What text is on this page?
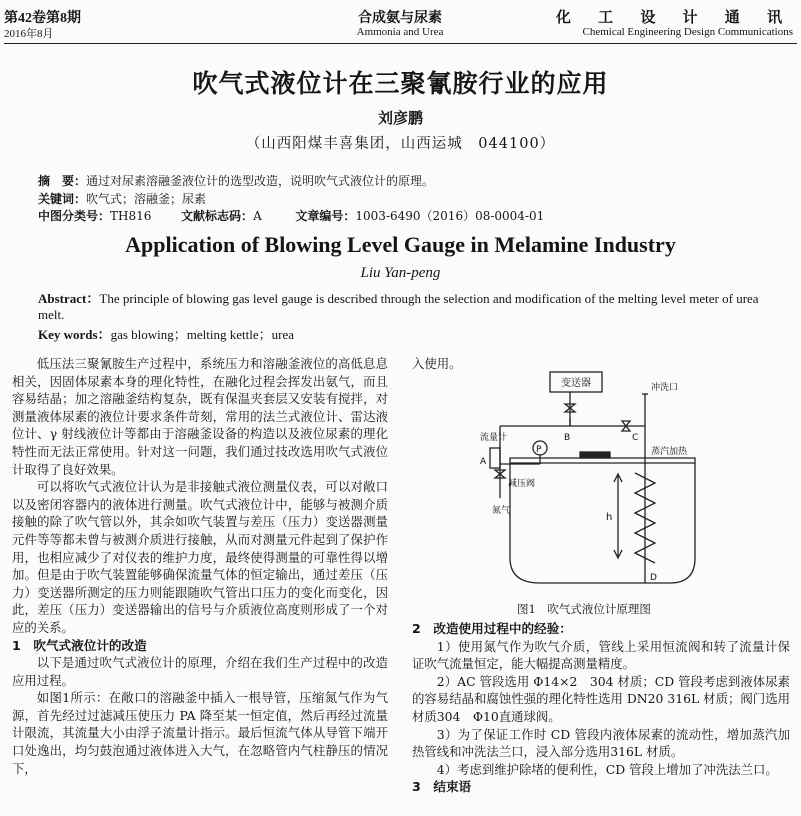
第42卷第8期
2016年8月
合成氨与尿素
Ammonia and Urea
化 工 设 计 通 讯
Chemical Engineering Design Communications
吹气式液位计在三聚氰胺行业的应用
刘彦鹏
（山西阳煤丰喜集团，山西运城　044100）
摘　要：通过对尿素溶融釜液位计的选型改造，说明吹气式液位计的原理。
关键词：吹气式；溶融釜；尿素
中图分类号：TH816 文献标志码：A	文章编号：1003-6490（2016）08-0004-01
Application of Blowing Level Gauge in Melamine Industry
Liu Yan-peng
Abstract：The principle of blowing gas level gauge is described through the selection and modification of the melting level meter of urea melt.
Key words：gas blowing；melting kettle；urea

低压法三聚氰胺生产过程中，系统压力和溶融釜液位的高低息息相关，因固体尿素本身的理化特性，在融化过程会挥发出氨气，而且容易结晶；加之溶融釜结构复杂，既有保温夹套层又安装有搅拌，对测量液体尿素的液位计要求条件苛刻，常用的法兰式液位计、雷达液位计、γ 射线液位计等都由于溶融釜设备的构造以及液位尿素的理化特性而无法正常使用。针对这一问题，我们通过技改选用吹气式液位计取得了良好效果。

可以将吹气式液位计认为是非接触式液位测量仪表，可以对敞口以及密闭容器内的液体进行测量。吹气式液位计中，能够与被测介质接触的除了吹气管以外，其余如吹气装置与差压（压力）变送器测量元件等等都未曾与被测介质进行接触，从而对测量元件起到了保护作用，也相应减少了对仪表的维护力度，最终使得测量的可靠性得以增加。但是由于吹气装置能够确保流量气体的恒定输出，通过差压（压力）变送器所测定的压力则能跟随吹气管出口压力的变化而变化，因此，差压（压力）变送器输出的信号与介质液位高度则形成了一个对应的关系。

1　吹气式液位计的改造

以下是通过吹气式液位计的原理，介绍在我们生产过程中的改造应用过程。

如图1所示：在敞口的溶融釜中插入一根导管，压缩氮气作为气源，首先经过过滤减压使压力 PA 降至某一恒定值，然后再经过流量计限流，其流量大小由浮子流量计指示。最后恒流气体从导管下端开口处逸出，均匀鼓泡通过液体进入大气，在忽略管内气柱静压的情况下，

入使用。

变送器
B	C
冲洗口
蒸汽加热
D
h
流量计
P
A
减压阀
氮气
图1　吹气式液位计原理图

2　改造使用过程中的经验：

1）使用氮气作为吹气介质，管线上采用恒流阀和转了流量计保证吹气流量恒定，能大幅提高测量精度。

2）AC 管段选用 Φ14×2　304 材质；CD 管段考虑到液体尿素的容易结晶和腐蚀性强的理化特性选用 DN20 316L 材质；阀门选用材质304　Φ10直通球阀。

3）为了保证工作时 CD 管段内液体尿素的流动性，增加蒸汽加热管线和冲洗法兰口，浸入部分选用316L 材质。

4）考虑到维护除堵的便利性，CD 管段上增加了冲洗法兰口。

3　结束语
